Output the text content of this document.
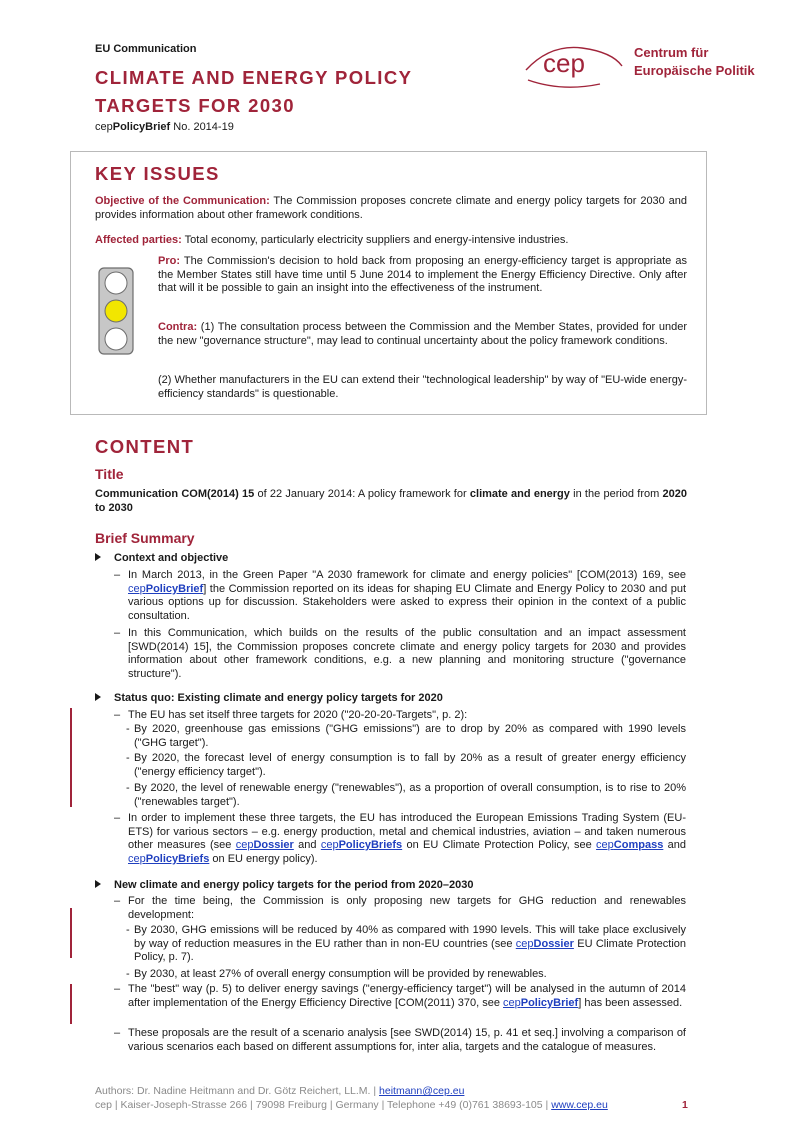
EU Communication
CLIMATE AND ENERGY POLICY
TARGETS FOR 2030
cepPolicyBrief No. 2014-19
cep	Centrum für
Europäische Politik
KEY ISSUES
Objective of the Communication: The Commission proposes concrete climate and energy policy targets for 2030 and provides information about other framework conditions.
Affected parties: Total economy, particularly electricity suppliers and energy-intensive industries.
Pro: The Commission's decision to hold back from proposing an energy-efficiency target is appropriate as the Member States still have time until 5 June 2014 to implement the Energy Efficiency Directive. Only after that will it be possible to gain an insight into the effectiveness of the instrument.
Contra: (1) The consultation process between the Commission and the Member States, provided for under the new "governance structure", may lead to continual uncertainty about the policy framework conditions.
(2) Whether manufacturers in the EU can extend their "technological leadership" by way of "EU-wide energy-efficiency standards" is questionable.
CONTENT
Title
Communication COM(2014) 15 of 22 January 2014: A policy framework for climate and energy in the period from 2020 to 2030
Brief Summary
Context and objective
– In March 2013, in the Green Paper "A 2030 framework for climate and energy policies" [COM(2013) 169, see cepPolicyBrief] the Commission reported on its ideas for shaping EU Climate and Energy Policy to 2030 and put various options up for discussion. Stakeholders were asked to express their opinion in the context of a public consultation.
– In this Communication, which builds on the results of the public consultation and an impact assessment [SWD(2014) 15], the Commission proposes concrete climate and energy policy targets for 2030 and provides information about other framework conditions, e.g. a new planning and monitoring structure ("governance structure").
Status quo: Existing climate and energy policy targets for 2020
– The EU has set itself three targets for 2020 ("20-20-20-Targets", p. 2):
- By 2020, greenhouse gas emissions ("GHG emissions") are to drop by 20% as compared with 1990 levels ("GHG target").
- By 2020, the forecast level of energy consumption is to fall by 20% as a result of greater energy efficiency ("energy efficiency target").
- By 2020, the level of renewable energy ("renewables"), as a proportion of overall consumption, is to rise to 20% ("renewables target").
– In order to implement these three targets, the EU has introduced the European Emissions Trading System (EU-ETS) for various sectors – e.g. energy production, metal and chemical industries, aviation – and taken numerous other measures (see cepDossier and cepPolicyBriefs on EU Climate Protection Policy, see cepCompass and cepPolicyBriefs on EU energy policy).
New climate and energy policy targets for the period from 2020–2030
– For the time being, the Commission is only proposing new targets for GHG reduction and renewables development:
- By 2030, GHG emissions will be reduced by 40% as compared with 1990 levels. This will take place exclusively by way of reduction measures in the EU rather than in non-EU countries (see cepDossier EU Climate Protection Policy, p. 7).
- By 2030, at least 27% of overall energy consumption will be provided by renewables.
– The "best" way (p. 5) to deliver energy savings ("energy-efficiency target") will be analysed in the autumn of 2014 after implementation of the Energy Efficiency Directive [COM(2011) 370, see cepPolicyBrief] has been assessed.
– These proposals are the result of a scenario analysis [see SWD(2014) 15, p. 41 et seq.] involving a comparison of various scenarios each based on different assumptions for, inter alia, targets and the catalogue of measures.
Authors: Dr. Nadine Heitmann and Dr. Götz Reichert, LL.M. | heitmann@cep.eu
cep | Kaiser-Joseph-Strasse 266 | 79098 Freiburg | Germany | Telephone +49 (0)761 38693-105 | www.cep.eu	1
